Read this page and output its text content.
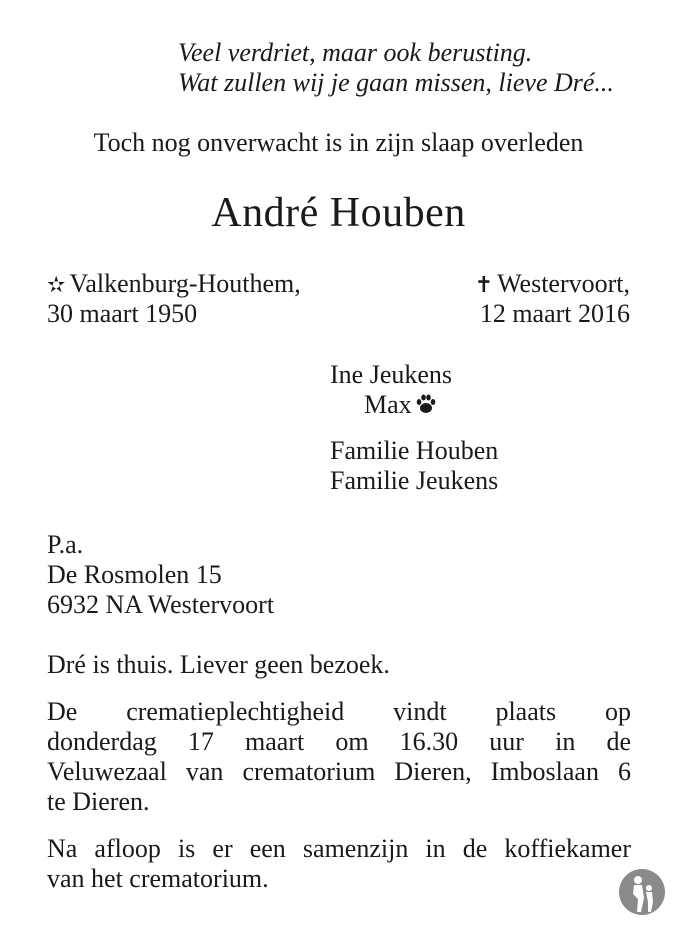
Veel verdriet, maar ook berusting.
Wat zullen wij je gaan missen, lieve Dré...
Toch nog onverwacht is in zijn slaap overleden
André Houben
✫ Valkenburg-Houthem,
30 maart 1950
✝ Westervoort,
12 maart 2016
Ine Jeukens
Max
Familie Houben
Familie Jeukens
P.a.
De Rosmolen 15
6932 NA Westervoort
Dré is thuis. Liever geen bezoek.
De crematieplechtigheid vindt plaats op
donderdag 17 maart om 16.30 uur in de
Veluwezaal van crematorium Dieren, Imboslaan 6
te Dieren.
Na afloop is er een samenzijn in de koffiekamer
van het crematorium.
